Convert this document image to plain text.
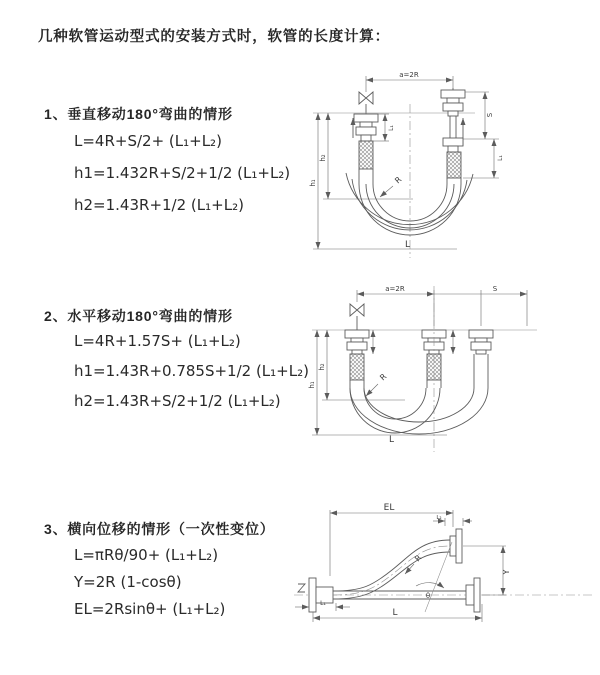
几种软管运动型式的安装方式时，软管的长度计算：
1、垂直移动180°弯曲的情形
L=4R+S/2+ (L₁+L₂)
h1=1.432R+S/2+1/2 (L₁+L₂)
h2=1.43R+1/2 (L₁+L₂)
2、水平移动180°弯曲的情形
L=4R+1.57S+ (L₁+L₂)
h1=1.43R+0.785S+1/2 (L₁+L₂)
h2=1.43R+S/2+1/2 (L₁+L₂)
3、横向位移的情形（一次性变位）
L=πRθ/90+ (L₁+L₂)
Y=2R (1-cosθ)
EL=2Rsinθ+ (L₁+L₂)
a=2R
L₁
S
L₁
h₂
h₁	R
L
a=2R	S
h₂
h₁
R
L
EL
L₂
Y
θ
R
L
L₁
